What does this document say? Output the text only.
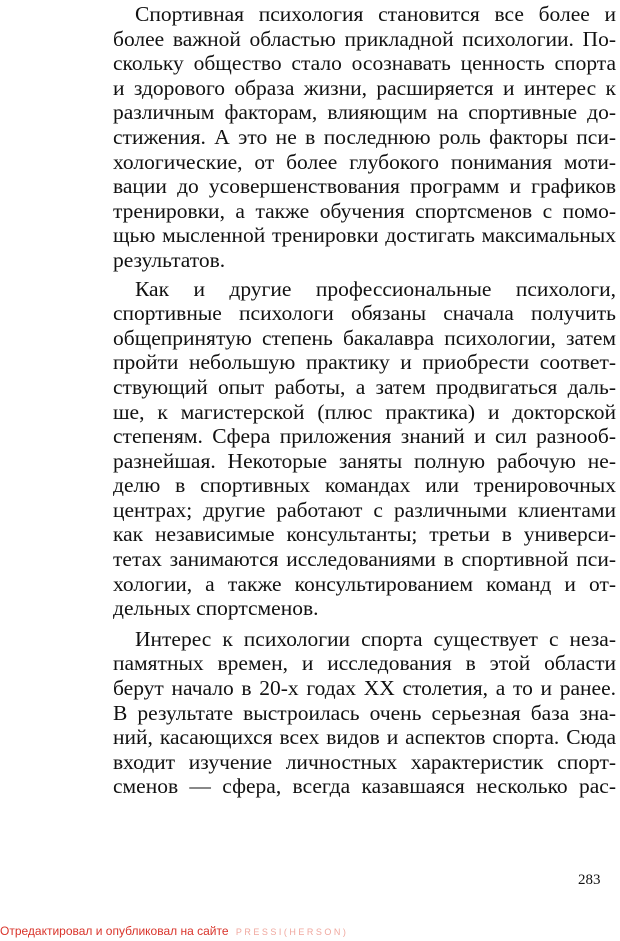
Спортивная психология становится все более и
более важной областью прикладной психологии. По-
скольку общество стало осознавать ценность спорта
и здорового образа жизни, расширяется и интерес к
различным факторам, влияющим на спортивные до-
стижения. А это не в последнюю роль факторы пси-
хологические, от более глубокого понимания моти-
вации до усовершенствования программ и графиков
тренировки, а также обучения спортсменов с помо-
щью мысленной тренировки достигать максимальных
результатов.
Как и другие профессиональные психологи,
спортивные психологи обязаны сначала получить
общепринятую степень бакалавра психологии, затем
пройти небольшую практику и приобрести соответ-
ствующий опыт работы, а затем продвигаться даль-
ше, к магистерской (плюс практика) и докторской
степеням. Сфера приложения знаний и сил разнооб-
разнейшая. Некоторые заняты полную рабочую не-
делю в спортивных командах или тренировочных
центрах; другие работают с различными клиентами
как независимые консультанты; третьи в универси-
тетах занимаются исследованиями в спортивной пси-
хологии, а также консультированием команд и от-
дельных спортсменов.
Интерес к психологии спорта существует с неза-
памятных времен, и исследования в этой области
берут начало в 20-х годах XX столетия, а то и ранее.
В результате выстроилась очень серьезная база зна-
ний, касающихся всех видов и аспектов спорта. Сюда
входит изучение личностных характеристик спорт-
сменов — сфера, всегда казавшаяся несколько рас-
283
Отредактировал и опубликовал на сайте PRESSI(HERSON)
